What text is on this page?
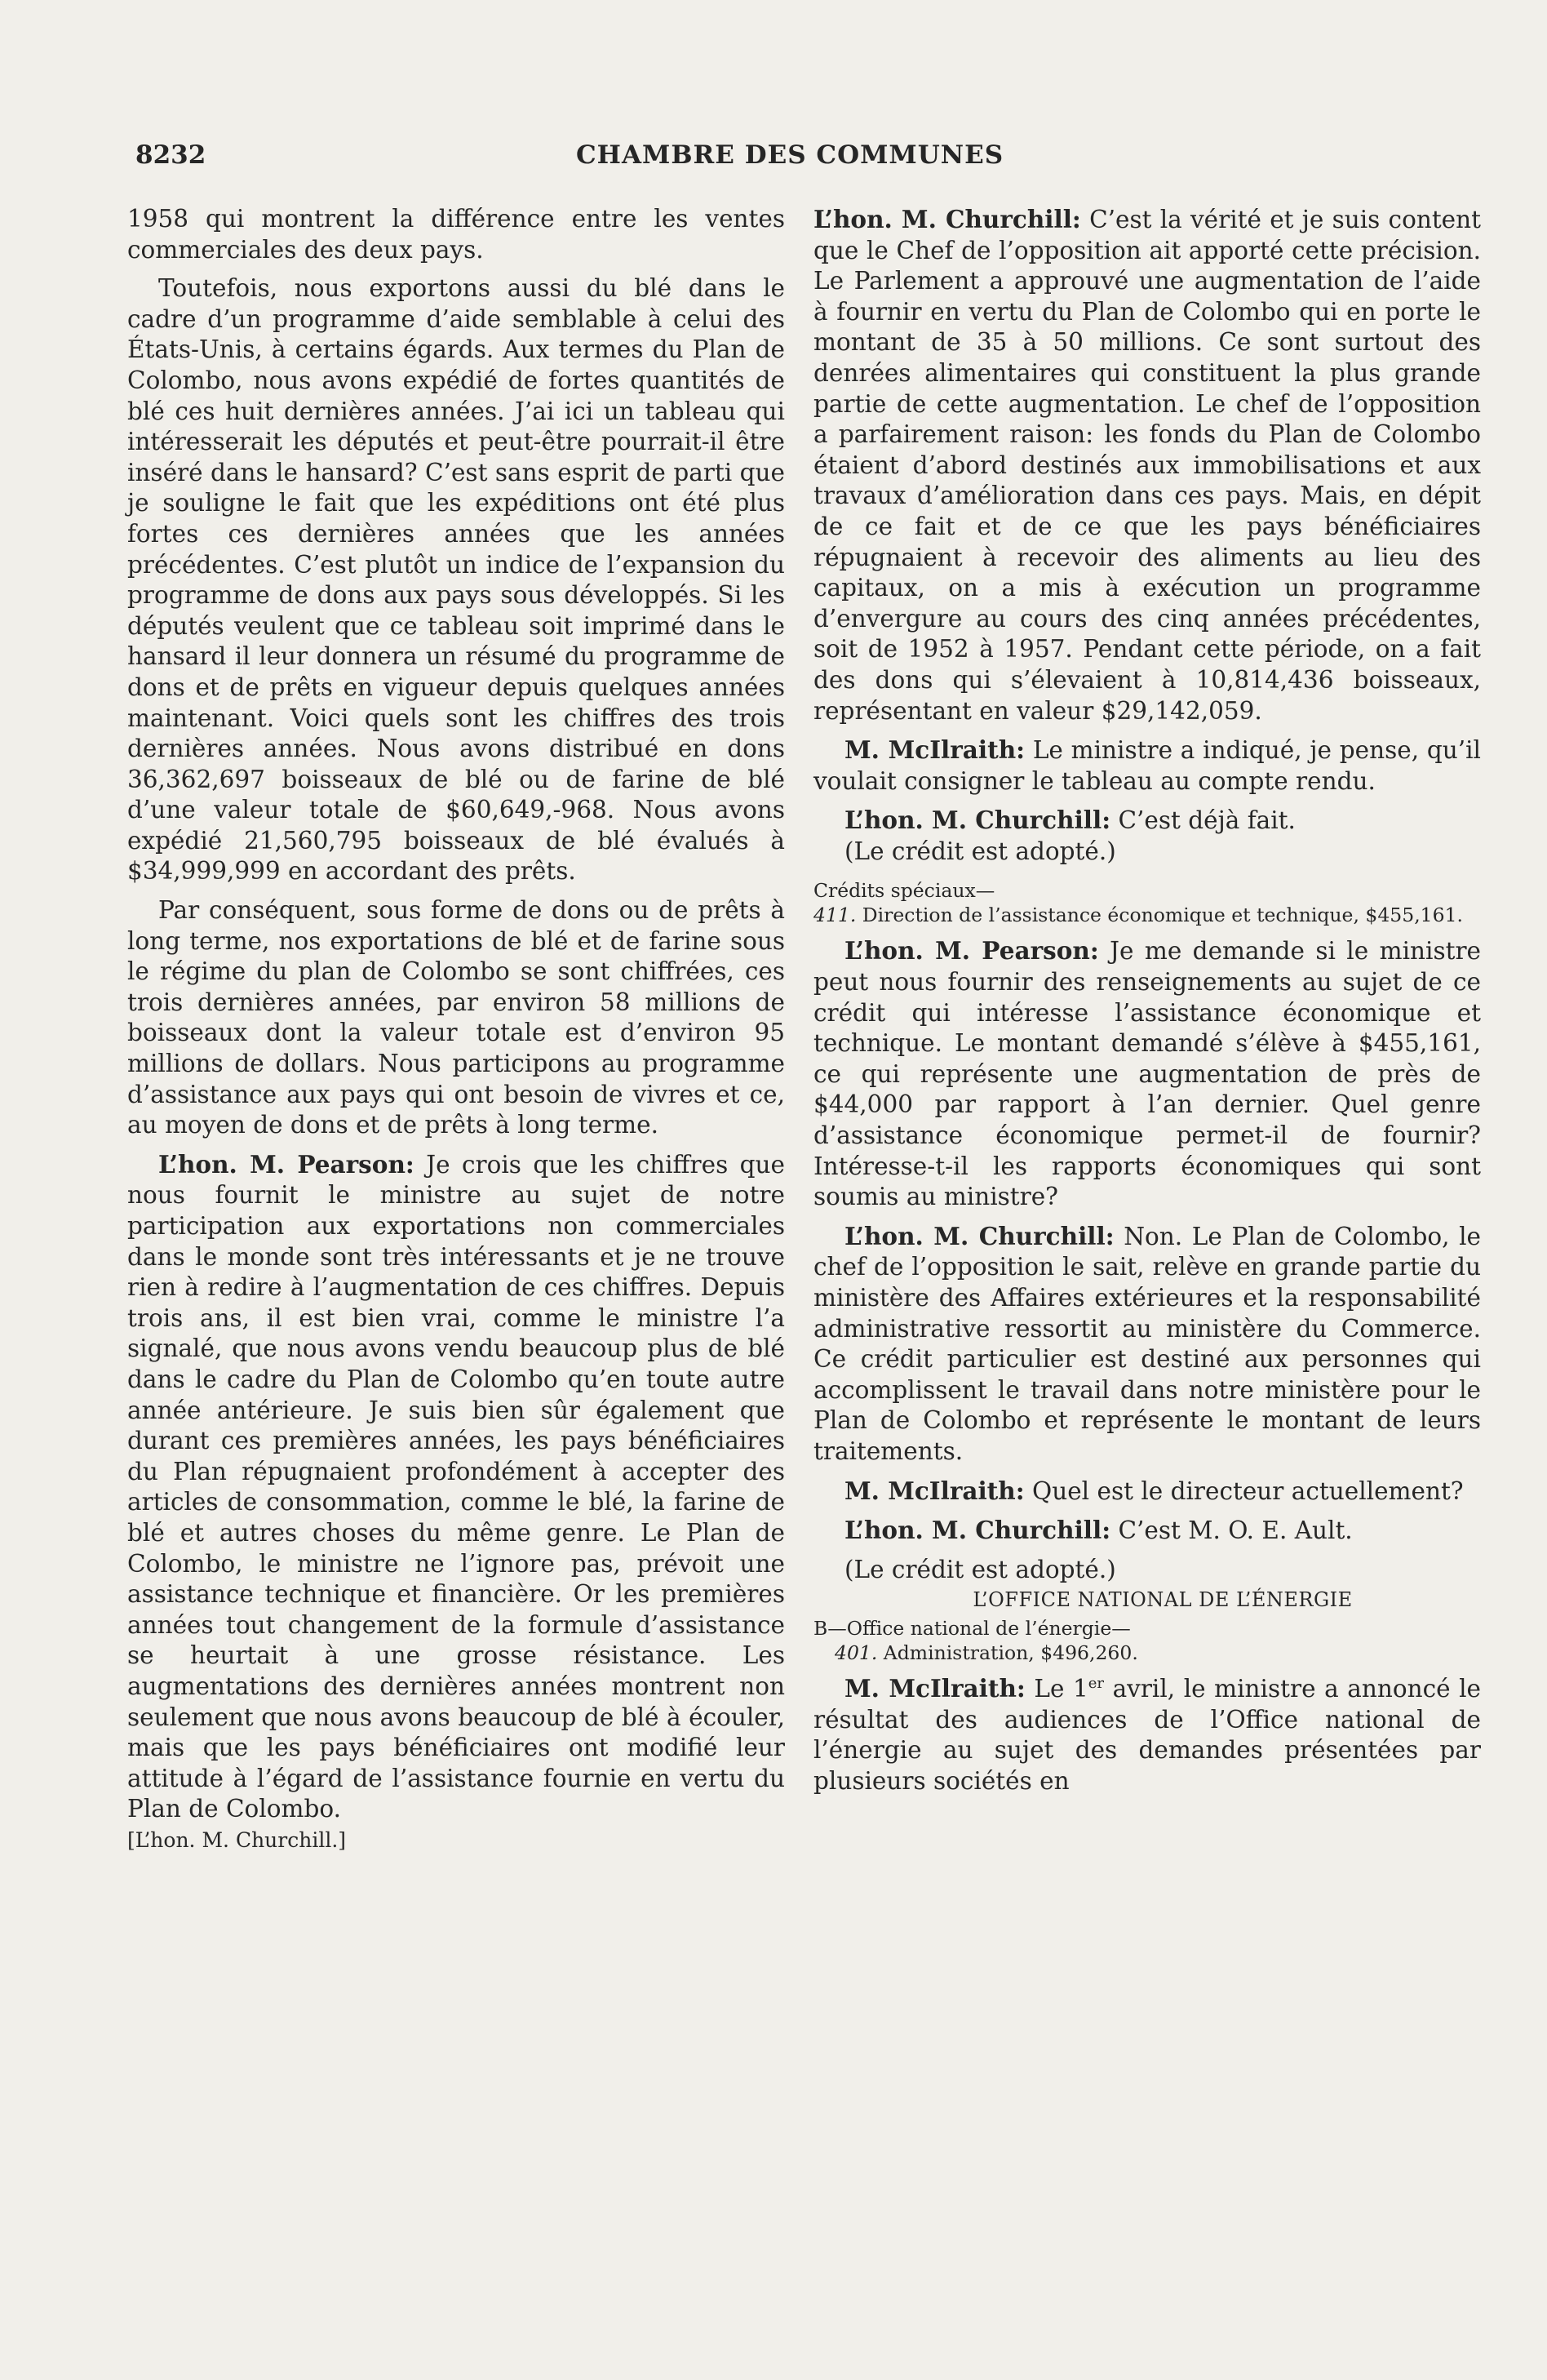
8232	CHAMBRE DES COMMUNES

1958 qui montrent la différence entre les ventes commerciales des deux pays.

Toutefois, nous exportons aussi du blé dans le cadre d’un programme d’aide semblable à celui des États-Unis, à certains égards. Aux termes du Plan de Colombo, nous avons expédié de fortes quantités de blé ces huit dernières années. J’ai ici un tableau qui intéresserait les députés et peut-être pourrait-il être inséré dans le hansard? C’est sans esprit de parti que je souligne le fait que les expéditions ont été plus fortes ces dernières années que les années précédentes. C’est plutôt un indice de l’expansion du programme de dons aux pays sous développés. Si les députés veulent que ce tableau soit imprimé dans le hansard il leur donnera un résumé du programme de dons et de prêts en vigueur depuis quelques années maintenant. Voici quels sont les chiffres des trois dernières années. Nous avons distribué en dons 36,362,697 boisseaux de blé ou de farine de blé d’une valeur totale de $60,649,-968. Nous avons expédié 21,560,795 boisseaux de blé évalués à $34,999,999 en accordant des prêts.

Par conséquent, sous forme de dons ou de prêts à long terme, nos exportations de blé et de farine sous le régime du plan de Colombo se sont chiffrées, ces trois dernières années, par environ 58 millions de boisseaux dont la valeur totale est d’environ 95 millions de dollars. Nous participons au programme d’assistance aux pays qui ont besoin de vivres et ce, au moyen de dons et de prêts à long terme.

L’hon. M. Pearson: Je crois que les chiffres que nous fournit le ministre au sujet de notre participation aux exportations non commerciales dans le monde sont très intéressants et je ne trouve rien à redire à l’augmentation de ces chiffres. Depuis trois ans, il est bien vrai, comme le ministre l’a signalé, que nous avons vendu beaucoup plus de blé dans le cadre du Plan de Colombo qu’en toute autre année antérieure. Je suis bien sûr également que durant ces premières années, les pays bénéficiaires du Plan répugnaient profondément à accepter des articles de consommation, comme le blé, la farine de blé et autres choses du même genre. Le Plan de Colombo, le ministre ne l’ignore pas, prévoit une assistance technique et financière. Or les premières années tout changement de la formule d’assistance se heurtait à une grosse résistance. Les augmentations des dernières années montrent non seulement que nous avons beaucoup de blé à écouler, mais que les pays bénéficiaires ont modifié leur attitude à l’égard de l’assistance fournie en vertu du Plan de Colombo.

[L’hon. M. Churchill.]

L’hon. M. Churchill: C’est la vérité et je suis content que le Chef de l’opposition ait apporté cette précision. Le Parlement a approuvé une augmentation de l’aide à fournir en vertu du Plan de Colombo qui en porte le montant de 35 à 50 millions. Ce sont surtout des denrées alimentaires qui constituent la plus grande partie de cette augmentation. Le chef de l’opposition a parfairement raison: les fonds du Plan de Colombo étaient d’abord destinés aux immobilisations et aux travaux d’amélioration dans ces pays. Mais, en dépit de ce fait et de ce que les pays bénéficiaires répugnaient à recevoir des aliments au lieu des capitaux, on a mis à exécution un programme d’envergure au cours des cinq années précédentes, soit de 1952 à 1957. Pendant cette période, on a fait des dons qui s’élevaient à 10,814,436 boisseaux, représentant en valeur $29,142,059.

M. McIlraith: Le ministre a indiqué, je pense, qu’il voulait consigner le tableau au compte rendu.

L’hon. M. Churchill: C’est déjà fait.

(Le crédit est adopté.)

Crédits spéciaux—

411. Direction de l’assistance économique et technique, $455,161.

L’hon. M. Pearson: Je me demande si le ministre peut nous fournir des renseignements au sujet de ce crédit qui intéresse l’assistance économique et technique. Le montant demandé s’élève à $455,161, ce qui représente une augmentation de près de $44,000 par rapport à l’an dernier. Quel genre d’assistance économique permet-il de fournir? Intéresse-t-il les rapports économiques qui sont soumis au ministre?

L’hon. M. Churchill: Non. Le Plan de Colombo, le chef de l’opposition le sait, relève en grande partie du ministère des Affaires extérieures et la responsabilité administrative ressortit au ministère du Commerce. Ce crédit particulier est destiné aux personnes qui accomplissent le travail dans notre ministère pour le Plan de Colombo et représente le montant de leurs traitements.

M. McIlraith: Quel est le directeur actuellement?

L’hon. M. Churchill: C’est M. O. E. Ault.

(Le crédit est adopté.)

L’OFFICE NATIONAL DE L’ÉNERGIE

B—Office national de l’énergie—

401. Administration, $496,260.

M. McIlraith: Le 1er avril, le ministre a annoncé le résultat des audiences de l’Office national de l’énergie au sujet des demandes présentées par plusieurs sociétés en
